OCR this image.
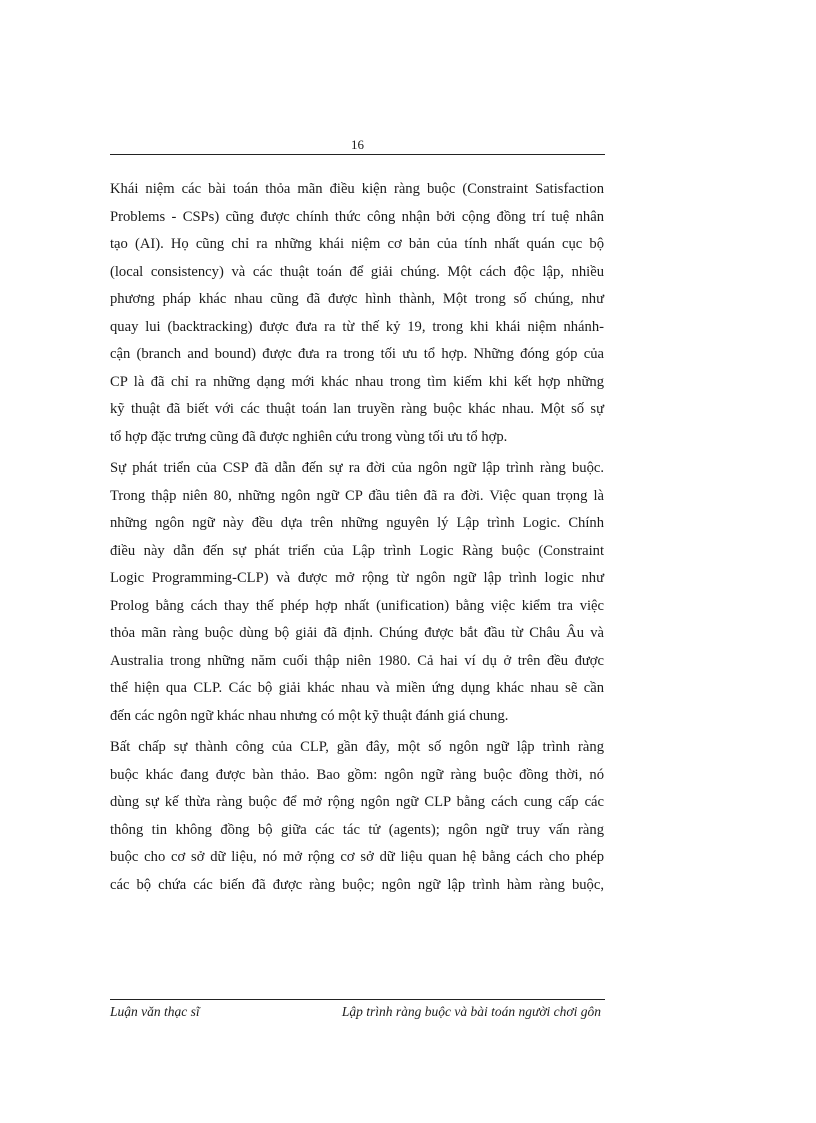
16

Khái niệm các bài toán thỏa mãn điều kiện ràng buộc (Constraint Satisfaction
Problems - CSPs) cũng được chính thức công nhận bởi cộng đồng trí tuệ nhân
tạo (AI). Họ cũng chỉ ra những khái niệm cơ bản của tính nhất quán cục bộ
(local consistency) và các thuật toán để giải chúng. Một cách độc lập, nhiều
phương pháp khác nhau cũng đã được hình thành, Một trong số chúng, như
quay lui (backtracking) được đưa ra từ thế kỷ 19, trong khi khái niệm nhánh-
cận (branch and bound) được đưa ra trong tối ưu tổ hợp. Những đóng góp của
CP là đã chỉ ra những dạng mới khác nhau trong tìm kiếm khi kết hợp những
kỹ thuật đã biết với các thuật toán lan truyền ràng buộc khác nhau. Một số sự
tổ hợp đặc trưng cũng đã được nghiên cứu trong vùng tối ưu tổ hợp.

Sự phát triển của CSP đã dẫn đến sự ra đời của ngôn ngữ lập trình ràng buộc.
Trong thập niên 80, những ngôn ngữ CP đầu tiên đã ra đời. Việc quan trọng là
những ngôn ngữ này đều dựa trên những nguyên lý Lập trình Logic. Chính
điều này dẫn đến sự phát triển của Lập trình Logic Ràng buộc (Constraint
Logic Programming-CLP) và được mở rộng từ ngôn ngữ lập trình logic như
Prolog bằng cách thay thế phép hợp nhất (unification) bằng việc kiểm tra việc
thỏa mãn ràng buộc dùng bộ giải đã định. Chúng được bắt đầu từ Châu Âu và
Australia trong những năm cuối thập niên 1980. Cả hai ví dụ ở trên đều được
thể hiện qua CLP. Các bộ giải khác nhau và miền ứng dụng khác nhau sẽ cần
đến các ngôn ngữ khác nhau nhưng có một kỹ thuật đánh giá chung.

Bất chấp sự thành công của CLP, gần đây, một số ngôn ngữ lập trình ràng
buộc khác đang được bàn thảo. Bao gồm: ngôn ngữ ràng buộc đồng thời, nó
dùng sự kế thừa ràng buộc để mở rộng ngôn ngữ CLP bằng cách cung cấp các
thông tin không đồng bộ giữa các tác tử (agents); ngôn ngữ truy vấn ràng
buộc cho cơ sở dữ liệu, nó mở rộng cơ sở dữ liệu quan hệ bằng cách cho phép
các bộ chứa các biến đã được ràng buộc; ngôn ngữ lập trình hàm ràng buộc,

Luận văn thạc sĩ	Lập trình ràng buộc và bài toán người chơi gôn
